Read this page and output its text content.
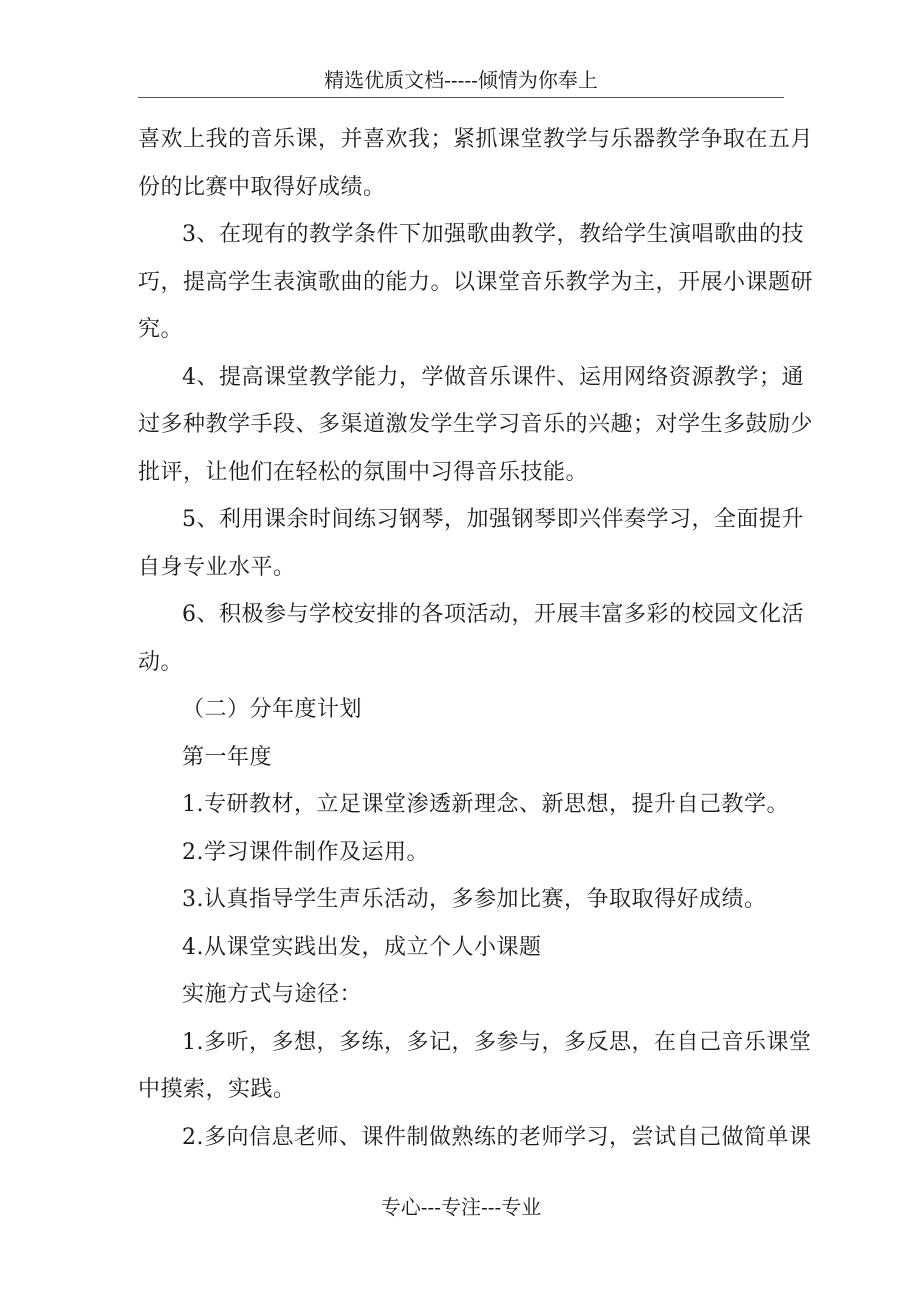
精选优质文档-----倾情为你奉上

喜欢上我的音乐课，并喜欢我；紧抓课堂教学与乐器教学争取在五月

份的比赛中取得好成绩。

3、在现有的教学条件下加强歌曲教学，教给学生演唱歌曲的技

巧，提高学生表演歌曲的能力。以课堂音乐教学为主，开展小课题研

究。

4、提高课堂教学能力，学做音乐课件、运用网络资源教学；通

过多种教学手段、多渠道激发学生学习音乐的兴趣；对学生多鼓励少

批评，让他们在轻松的氛围中习得音乐技能。

5、利用课余时间练习钢琴，加强钢琴即兴伴奏学习，全面提升

自身专业水平。

6、积极参与学校安排的各项活动，开展丰富多彩的校园文化活

动。

（二）分年度计划

第一年度

1.专研教材，立足课堂渗透新理念、新思想，提升自己教学。

2.学习课件制作及运用。

3.认真指导学生声乐活动，多参加比赛，争取取得好成绩。

4.从课堂实践出发，成立个人小课题

实施方式与途径：

1.多听，多想，多练，多记，多参与，多反思，在自己音乐课堂

中摸索，实践。

2.多向信息老师、课件制做熟练的老师学习，尝试自己做简单课

专心---专注---专业
